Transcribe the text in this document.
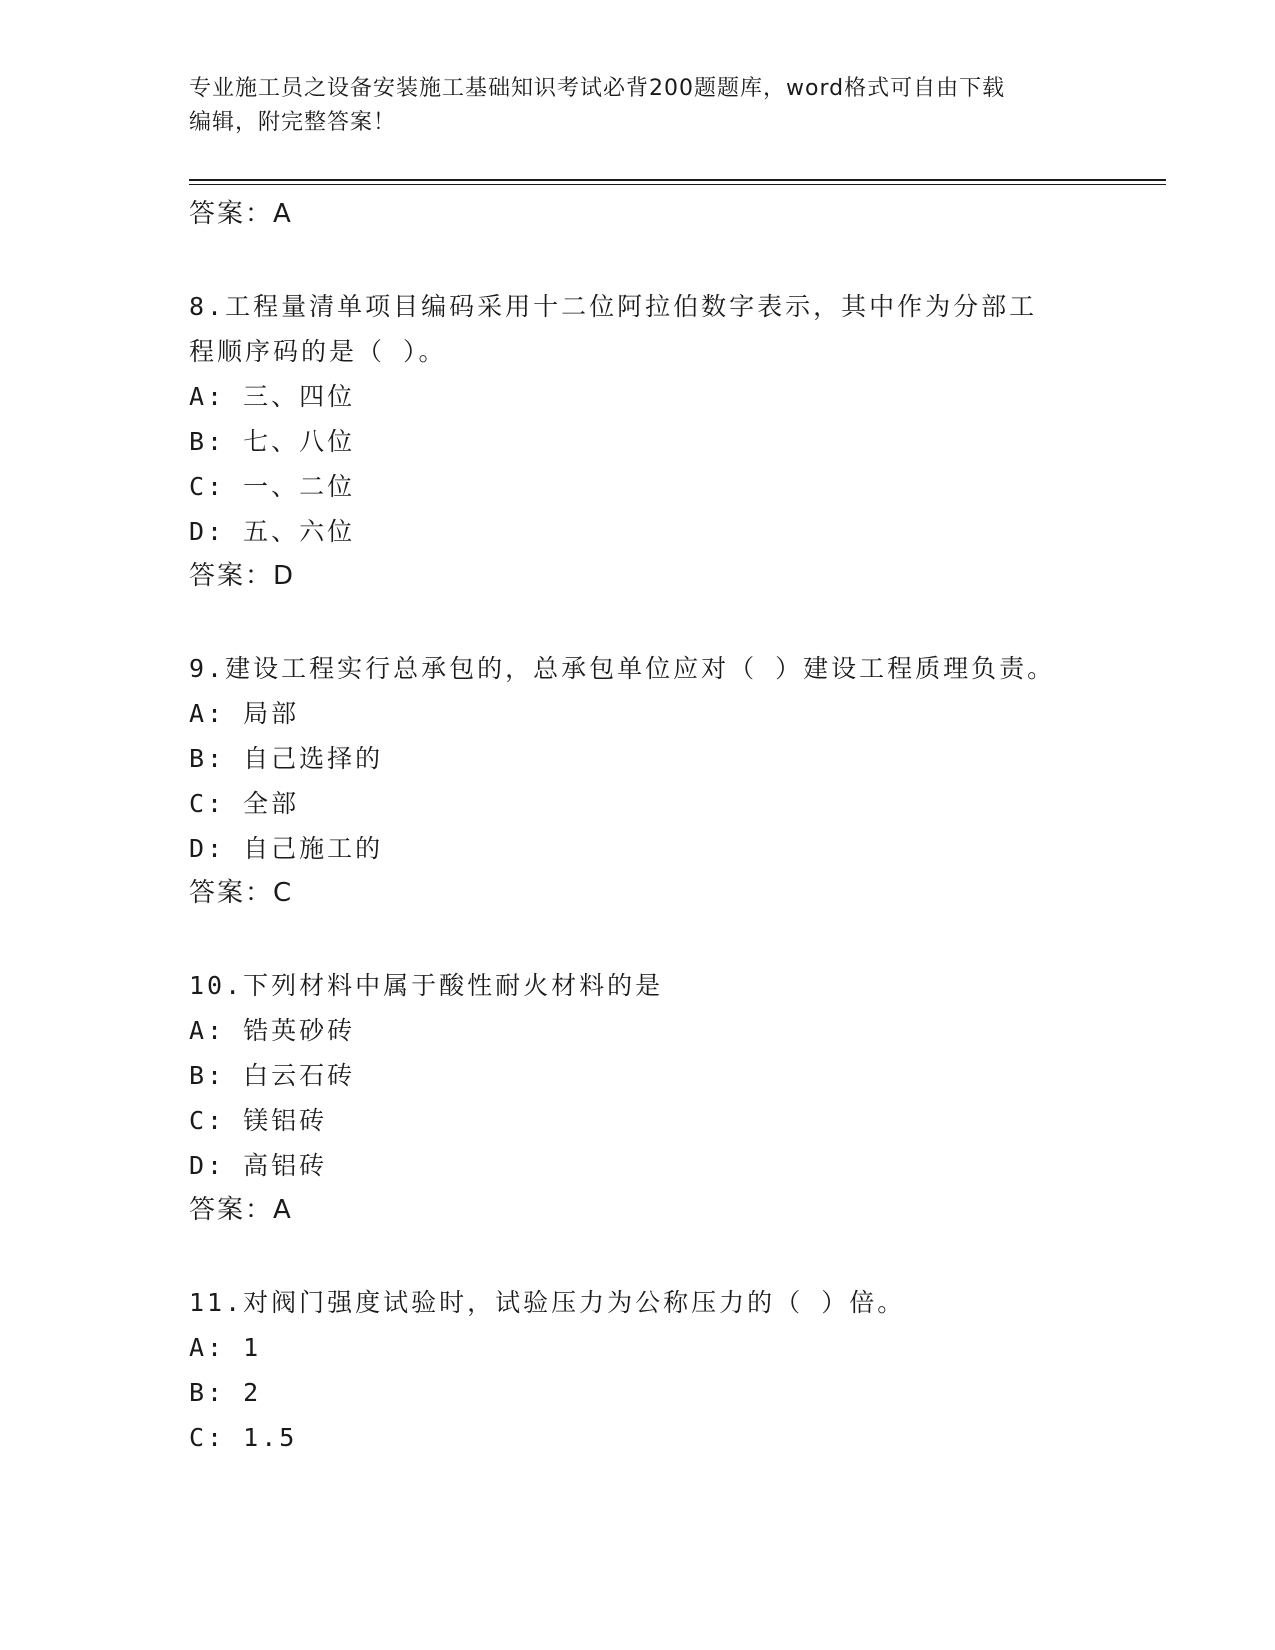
专业施工员之设备安装施工基础知识考试必背200题题库，word格式可自由下载
编辑，附完整答案！
答案：A
8.工程量清单项目编码采用十二位阿拉伯数字表示，其中作为分部工
程顺序码的是（ ）。
A: 三、四位
B: 七、八位
C: 一、二位
D: 五、六位
答案：D
9.建设工程实行总承包的，总承包单位应对（ ）建设工程质理负责。
A: 局部
B: 自己选择的
C: 全部
D: 自己施工的
答案：C
10.下列材料中属于酸性耐火材料的是
A: 锆英砂砖
B: 白云石砖
C: 镁铝砖
D: 高铝砖
答案：A
11.对阀门强度试验时，试验压力为公称压力的（ ）倍。
A: 1
B: 2
C: 1.5
